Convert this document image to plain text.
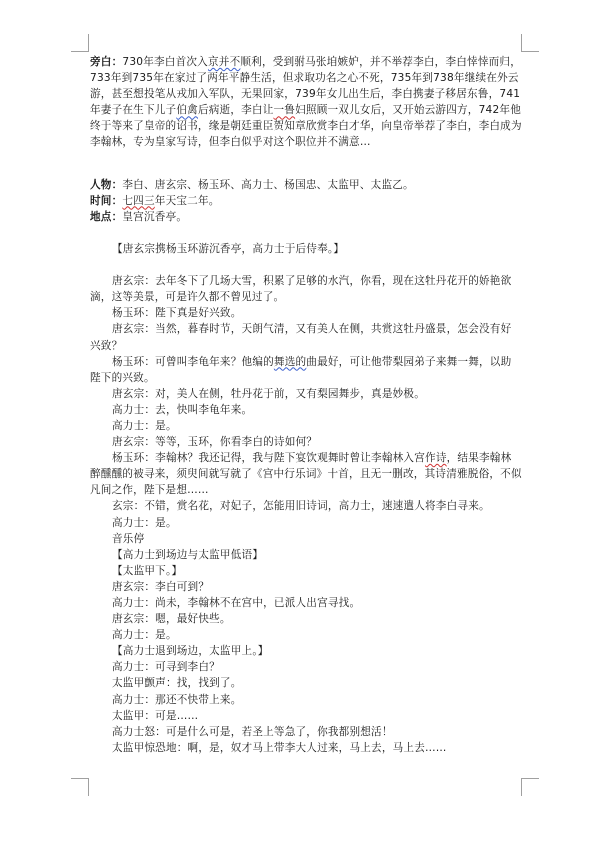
旁白：730年李白首次入京并不顺利，受到驸马张垍嫉妒，并不举荐李白，李白悻悻而归，733年到735年在家过了两年平静生活，但求取功名之心不死，735年到738年继续在外云游，甚至想投笔从戎加入军队，无果回家，739年女儿出生后，李白携妻子移居东鲁，741年妻子在生下儿子伯禽后病逝，李白让一鲁妇照顾一双儿女后，又开始云游四方，742年他终于等来了皇帝的诏书，缘是朝廷重臣贺知章欣赏李白才华，向皇帝举荐了李白，李白成为李翰林，专为皇家写诗，但李白似乎对这个职位并不满意…

人物：李白、唐玄宗、杨玉环、高力士、杨国忠、太监甲、太监乙。

时间：七四三年天宝二年。

地点：皇宫沉香亭。

【唐玄宗携杨玉环游沉香亭，高力士于后侍奉。】

唐玄宗：去年冬下了几场大雪，积累了足够的水汽，你看，现在这牡丹花开的娇艳欲滴，这等美景，可是许久都不曾见过了。

杨玉环：陛下真是好兴致。

唐玄宗：当然，暮春时节，天朗气清，又有美人在侧，共赏这牡丹盛景，怎会没有好兴致？

杨玉环：可曾叫李龟年来？他编的舞选的曲最好，可让他带梨园弟子来舞一舞，以助陛下的兴致。

唐玄宗：对，美人在侧，牡丹花于前，又有梨园舞步，真是妙极。

高力士：去，快叫李龟年来。

高力士：是。

唐玄宗：等等，玉环，你看李白的诗如何？

杨玉环：李翰林？我还记得，我与陛下宴饮观舞时曾让李翰林入宫作诗，结果李翰林醉醺醺的被寻来，须臾间就写就了《宫中行乐词》十首，且无一删改，其诗清雅脱俗，不似凡间之作，陛下是想……

玄宗：不错，赏名花，对妃子，怎能用旧诗词，高力士，速速遣人将李白寻来。

高力士：是。

音乐停

【高力士到场边与太监甲低语】

【太监甲下。】

唐玄宗：李白可到？

高力士：尚未，李翰林不在宫中，已派人出宫寻找。

唐玄宗：嗯，最好快些。

高力士：是。

【高力士退到场边，太监甲上。】

高力士：可寻到李白？

太监甲颤声：找，找到了。

高力士：那还不快带上来。

太监甲：可是……

高力士怒：可是什么可是，若圣上等急了，你我都别想活！

太监甲惊恐地：啊，是，奴才马上带李大人过来，马上去，马上去……
